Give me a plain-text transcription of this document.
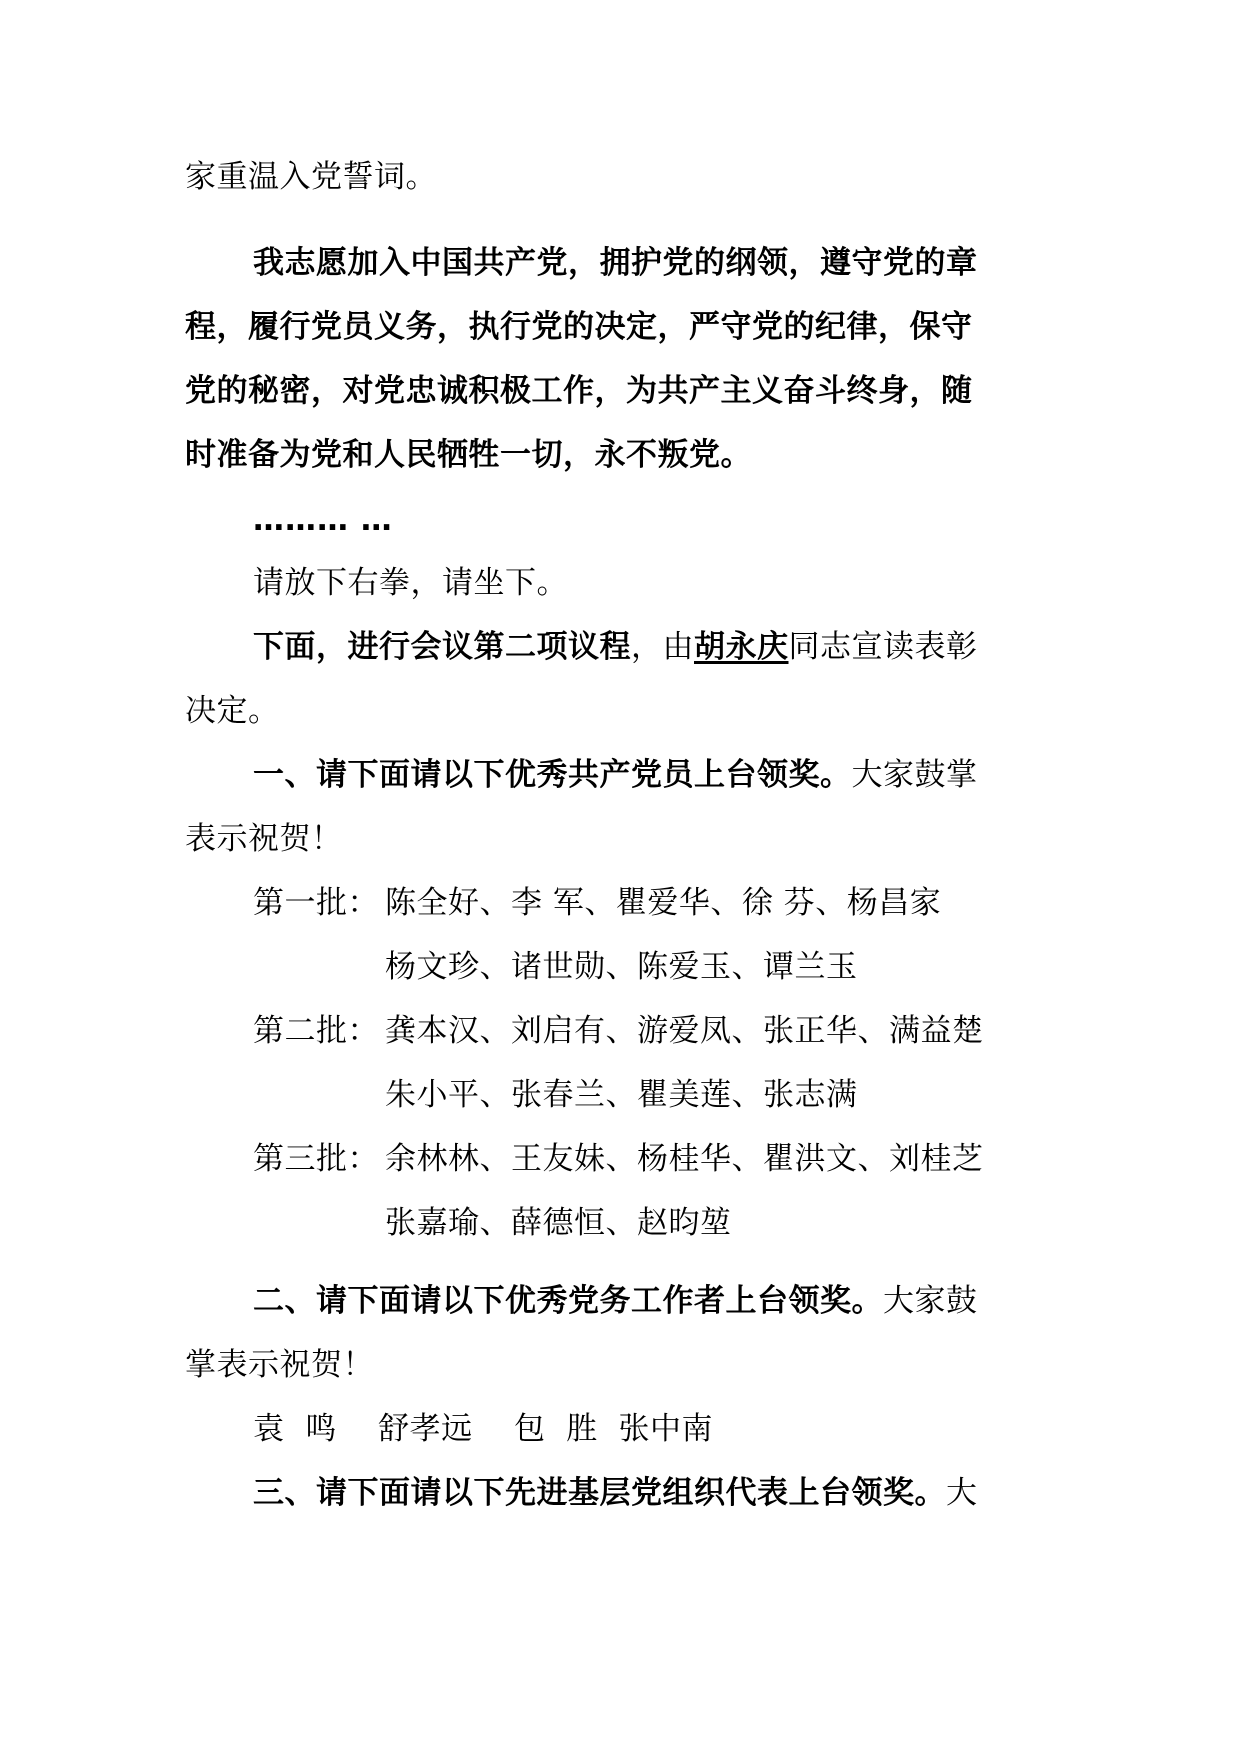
家重温入党誓词。
我志愿加入中国共产党，拥护党的纲领，遵守党的章
程，履行党员义务，执行党的决定，严守党的纪律，保守
党的秘密，对党忠诚积极工作，为共产主义奋斗终身，随
时准备为党和人民牺牲一切，永不叛党。
……… …
请放下右拳，请坐下。
下面，进行会议第二项议程，由胡永庆同志宣读表彰
决定。
一、请下面请以下优秀共产党员上台领奖。大家鼓掌
表示祝贺！
第一批： 陈全好、李 军、瞿爱华、徐 芬、杨昌家
杨文珍、诸世勋、陈爱玉、谭兰玉
第二批： 龚本汉、刘启有、游爱凤、张正华、满益楚
朱小平、张春兰、瞿美莲、张志满
第三批： 余林林、王友妹、杨桂华、瞿洪文、刘桂芝
张嘉瑜、薛德恒、赵昀堃
二、请下面请以下优秀党务工作者上台领奖。大家鼓
掌表示祝贺！
袁  鸣    舒孝远    包  胜  张中南
三、请下面请以下先进基层党组织代表上台领奖。大
